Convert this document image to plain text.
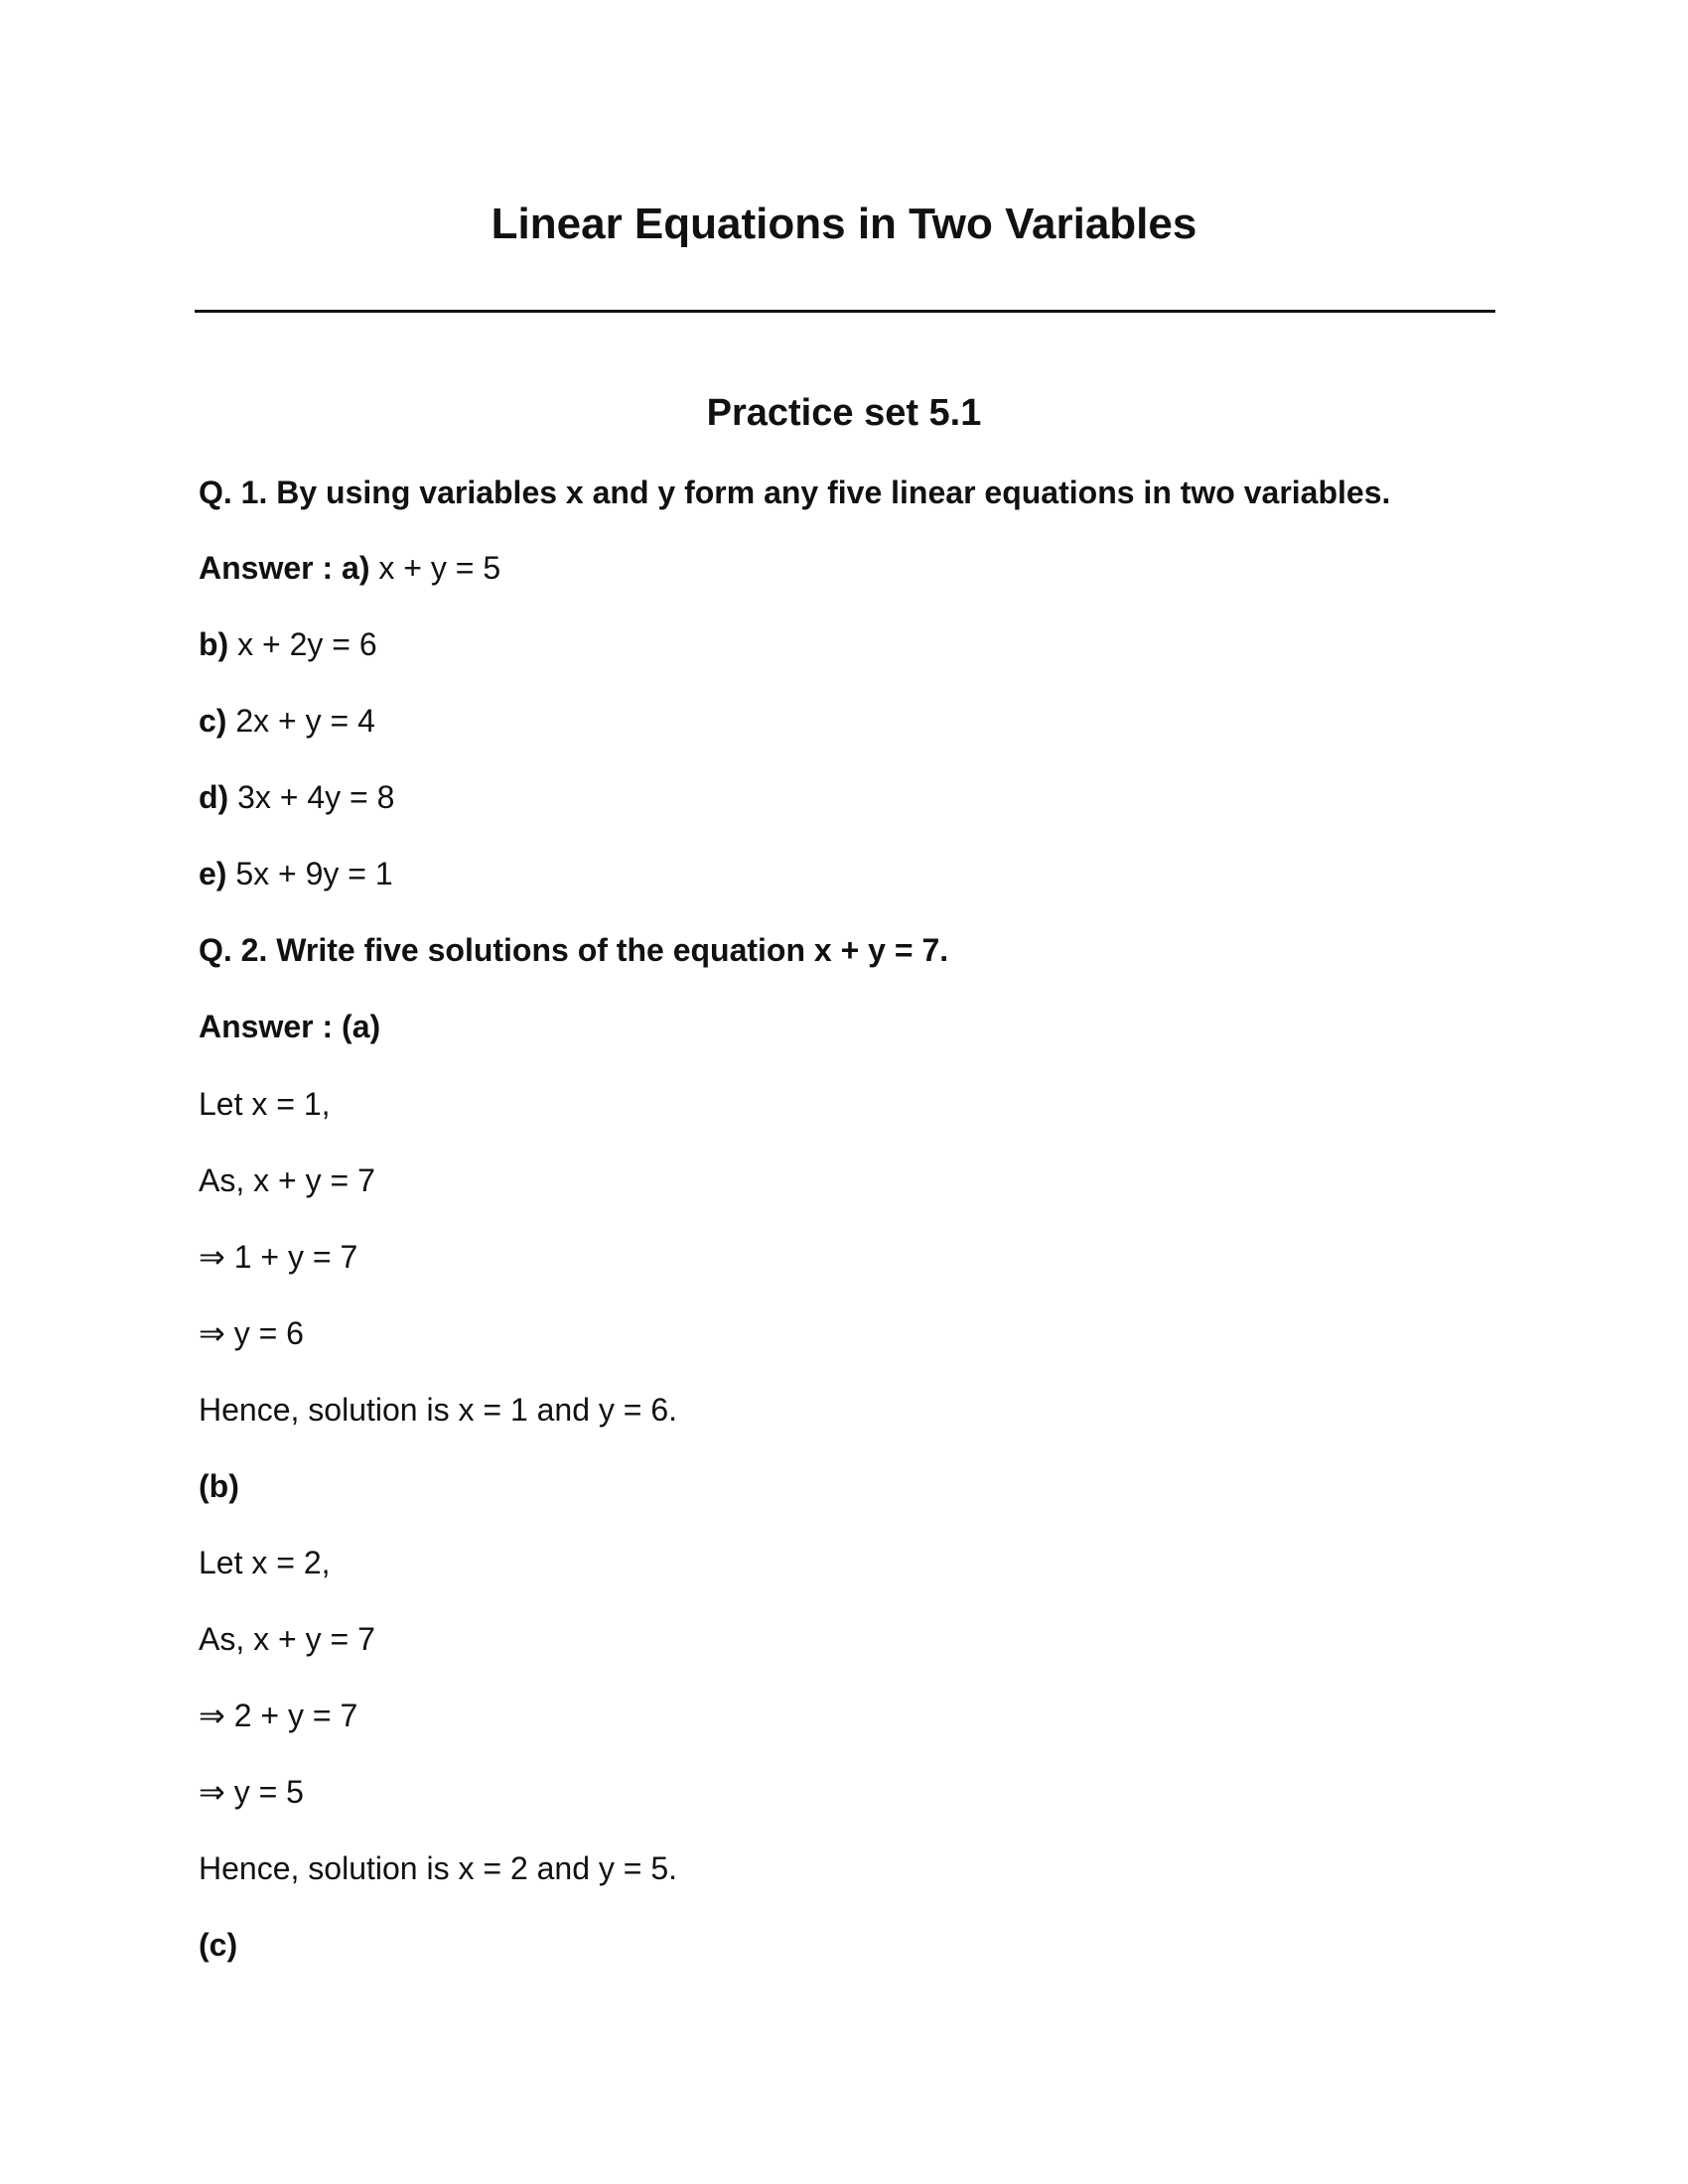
Linear Equations in Two Variables
Practice set 5.1
Q. 1. By using variables x and y form any five linear equations in two variables.
Answer : a) x + y = 5
b) x + 2y = 6
c) 2x + y = 4
d) 3x + 4y = 8
e) 5x + 9y = 1
Q. 2. Write five solutions of the equation x + y = 7.
Answer : (a)
Let x = 1,
As, x + y = 7
⇒ 1 + y = 7
⇒ y = 6
Hence, solution is x = 1 and y = 6.
(b)
Let x = 2,
As, x + y = 7
⇒ 2 + y = 7
⇒ y = 5
Hence, solution is x = 2 and y = 5.
(c)
